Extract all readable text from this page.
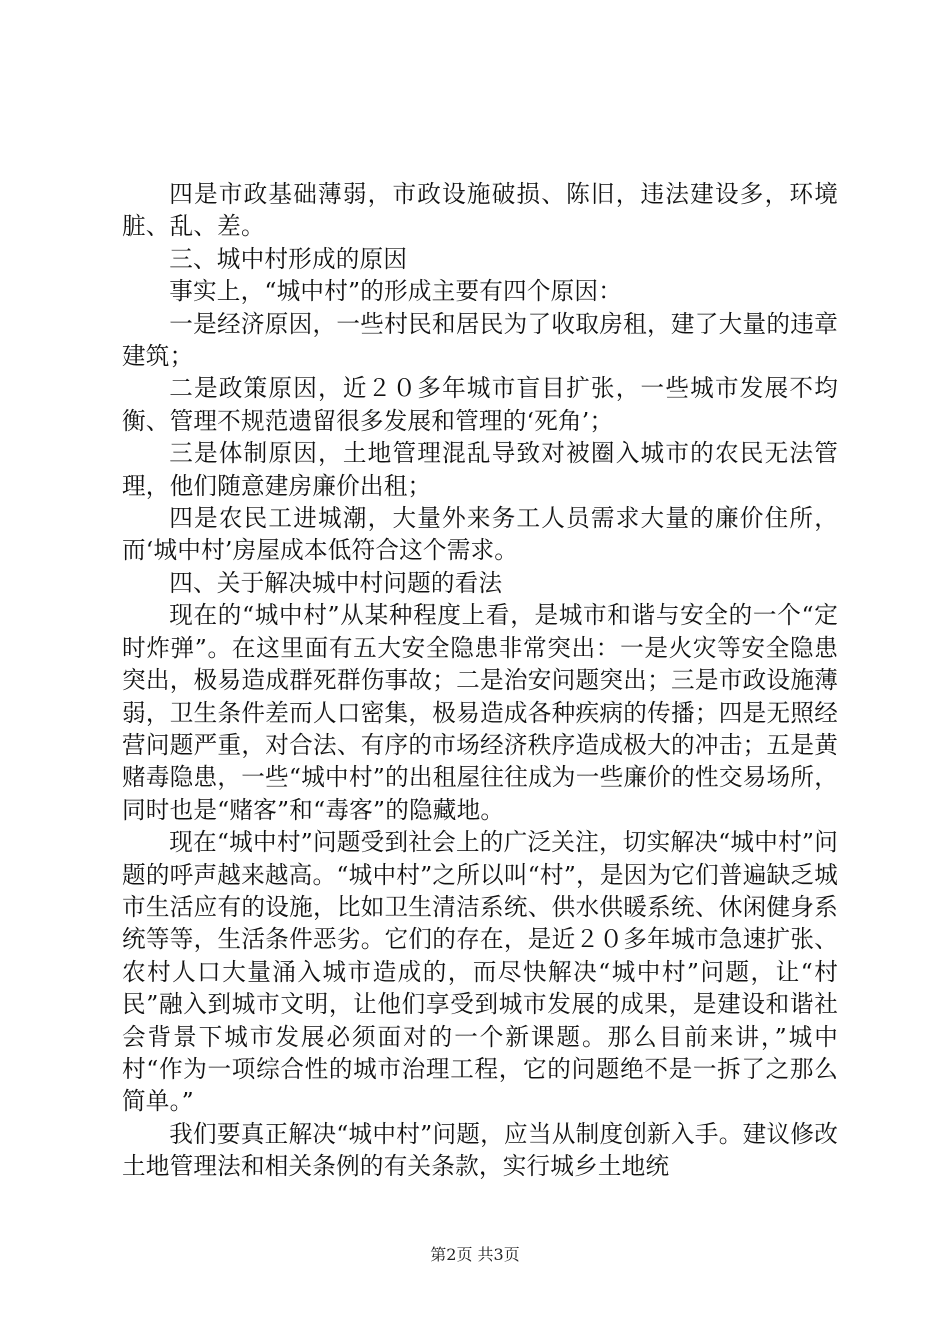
四是市政基础薄弱，市政设施破损、陈旧，违法建设多，环境脏、乱、差。

三、城中村形成的原因

事实上，“城中村”的形成主要有四个原因：

一是经济原因，一些村民和居民为了收取房租，建了大量的违章建筑；

二是政策原因，近２０多年城市盲目扩张，一些城市发展不均衡、管理不规范遗留很多发展和管理的‘死角’；

三是体制原因，土地管理混乱导致对被圈入城市的农民无法管理，他们随意建房廉价出租；

四是农民工进城潮，大量外来务工人员需求大量的廉价住所，而‘城中村’房屋成本低符合这个需求。

四、关于解决城中村问题的看法

现在的“城中村”从某种程度上看，是城市和谐与安全的一个“定时炸弹”。在这里面有五大安全隐患非常突出：一是火灾等安全隐患突出，极易造成群死群伤事故；二是治安问题突出；三是市政设施薄弱，卫生条件差而人口密集，极易造成各种疾病的传播；四是无照经营问题严重，对合法、有序的市场经济秩序造成极大的冲击；五是黄赌毒隐患，一些“城中村”的出租屋往往成为一些廉价的性交易场所，同时也是“赌客”和“毒客”的隐藏地。

现在“城中村”问题受到社会上的广泛关注，切实解决“城中村”问题的呼声越来越高。“城中村”之所以叫“村”，是因为它们普遍缺乏城市生活应有的设施，比如卫生清洁系统、供水供暖系统、休闲健身系统等等，生活条件恶劣。它们的存在，是近２０多年城市急速扩张、农村人口大量涌入城市造成的，而尽快解决“城中村”问题，让“村民”融入到城市文明，让他们享受到城市发展的成果，是建设和谐社会背景下城市发展必须面对的一个新课题。那么目前来讲，”城中村“作为一项综合性的城市治理工程，它的问题绝不是一拆了之那么简单。”

我们要真正解决“城中村”问题，应当从制度创新入手。建议修改土地管理法和相关条例的有关条款，实行城乡土地统

第2页 共3页
